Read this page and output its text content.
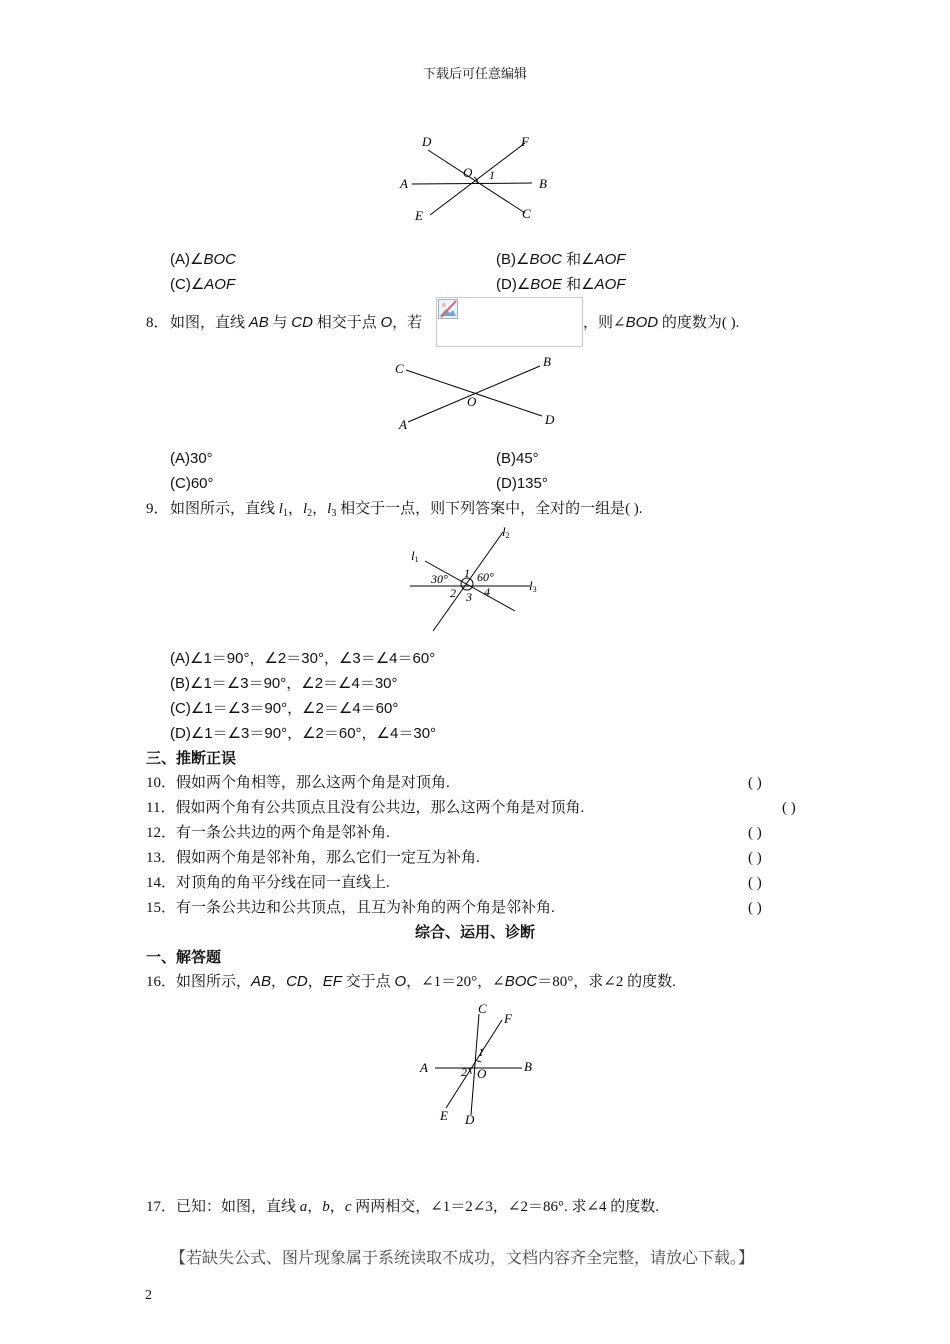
下载后可任意编辑
D	F
A
O 1
B
E	C
(A)∠BOC	(B)∠BOC 和∠AOF
(C)∠AOF	(D)∠BOE 和∠AOF
8． 如图，直线 AB 与 CD 相交于点 O，若	，则∠BOD 的度数为( ).
C	B
O
A	D
(A)30°	(B)45°
(C)60°	(D)135°
9． 如图所示，直线 $l_1$，$l_2$，$l_3$ 相交于一点，则下列答案中，全对的一组是( ).
l1
l2
l3
30° 60°
1
2 3 4
(A)∠1＝90°，∠2＝30°，∠3＝∠4＝60°
(B)∠1＝∠3＝90°，∠2＝∠4＝30°
(C)∠1＝∠3＝90°，∠2＝∠4＝60°
(D)∠1＝∠3＝90°，∠2＝60°，∠4＝30°
三、推断正误
10．假如两个角相等，那么这两个角是对顶角.	( )
11．假如两个角有公共顶点且没有公共边，那么这两个角是对顶角.	( )
12．有一条公共边的两个角是邻补角.	( )
13．假如两个角是邻补角，那么它们一定互为补角.	( )
14．对顶角的角平分线在同一直线上.	( )
15．有一条公共边和公共顶点，且互为补角的两个角是邻补角.	( )
综合、运用、诊断
一、解答题
16．如图所示，AB，CD，EF 交于点 O，∠1＝20°，∠BOC＝80°，求∠2 的度数.
C
F
1
A	2 O	B
E D
17．已知：如图，直线 a，b，c 两两相交，∠1＝2∠3，∠2＝86°. 求∠4 的度数.
【若缺失公式、图片现象属于系统读取不成功，文档内容齐全完整，请放心下载。】
2
